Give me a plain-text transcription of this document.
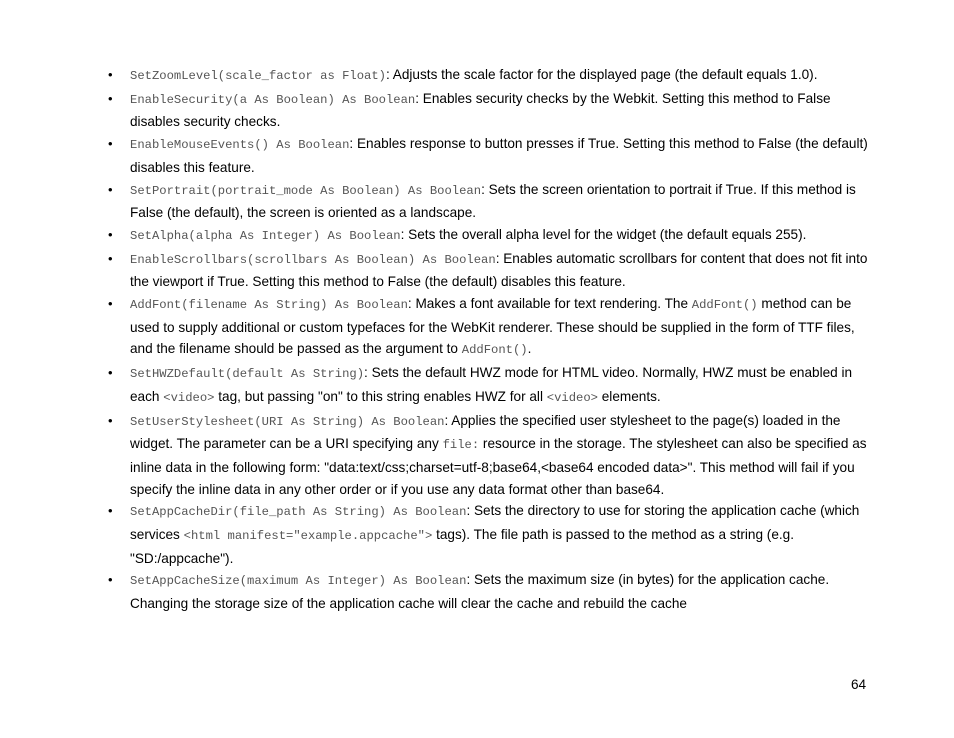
• SetZoomLevel(scale_factor as Float): Adjusts the scale factor for the displayed page (the default equals 1.0).
• EnableSecurity(a As Boolean) As Boolean: Enables security checks by the Webkit. Setting this method to False disables security checks.
• EnableMouseEvents() As Boolean: Enables response to button presses if True. Setting this method to False (the default) disables this feature.
• SetPortrait(portrait_mode As Boolean) As Boolean: Sets the screen orientation to portrait if True. If this method is False (the default), the screen is oriented as a landscape.
• SetAlpha(alpha As Integer) As Boolean: Sets the overall alpha level for the widget (the default equals 255).
• EnableScrollbars(scrollbars As Boolean) As Boolean: Enables automatic scrollbars for content that does not fit into the viewport if True. Setting this method to False (the default) disables this feature.
• AddFont(filename As String) As Boolean: Makes a font available for text rendering. The AddFont() method can be used to supply additional or custom typefaces for the WebKit renderer. These should be supplied in the form of TTF files, and the filename should be passed as the argument to AddFont().
• SetHWZDefault(default As String): Sets the default HWZ mode for HTML video. Normally, HWZ must be enabled in each <video> tag, but passing "on" to this string enables HWZ for all <video> elements.
• SetUserStylesheet(URI As String) As Boolean: Applies the specified user stylesheet to the page(s) loaded in the widget. The parameter can be a URI specifying any file: resource in the storage. The stylesheet can also be specified as inline data in the following form: "data:text/css;charset=utf-8;base64,<base64 encoded data>". This method will fail if you specify the inline data in any other order or if you use any data format other than base64.
• SetAppCacheDir(file_path As String) As Boolean: Sets the directory to use for storing the application cache (which services <html manifest="example.appcache"> tags). The file path is passed to the method as a string (e.g. "SD:/appcache").
• SetAppCacheSize(maximum As Integer) As Boolean: Sets the maximum size (in bytes) for the application cache. Changing the storage size of the application cache will clear the cache and rebuild the cache
64
